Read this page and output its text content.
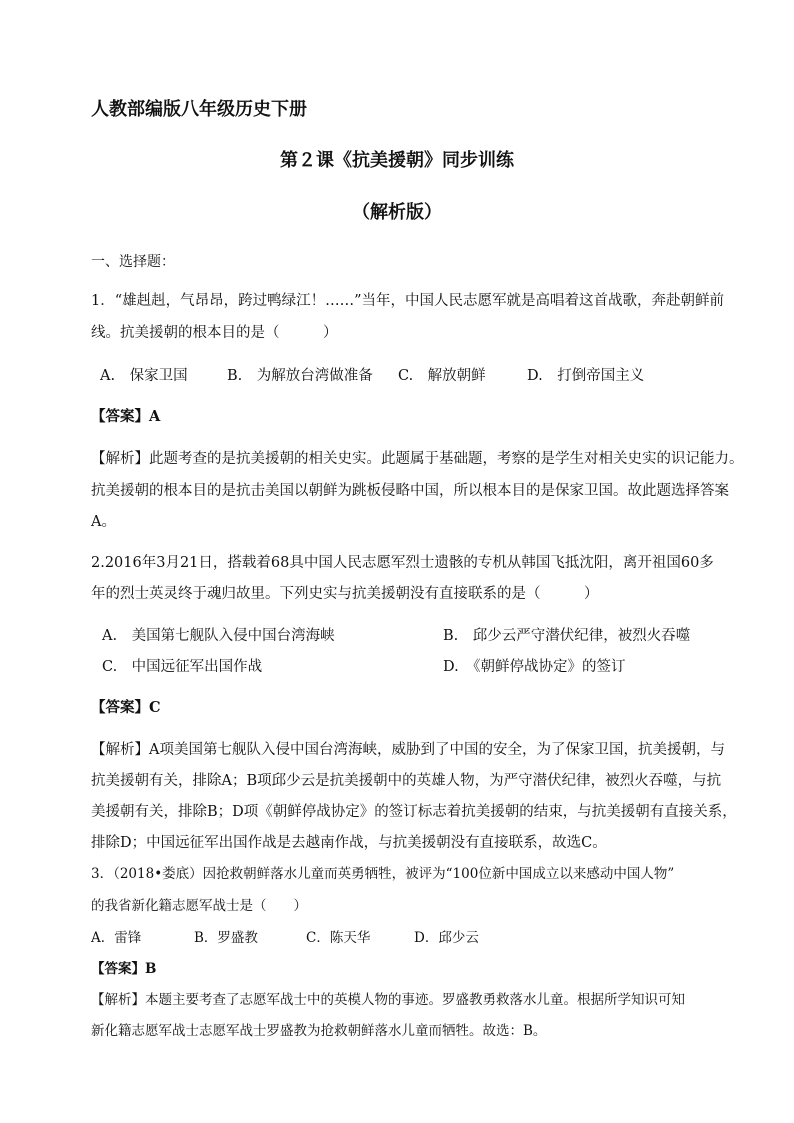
人教部编版八年级历史下册
第２课《抗美援朝》同步训练
（解析版）
一、选择题：
1．“雄赳赳，气昂昂，跨过鸭绿江！……”当年，中国人民志愿军就是高唱着这首战歌，奔赴朝鲜前
线。抗美援朝的根本目的是（　　　）
A.　保家卫国	B.　为解放台湾做准备 C.　解放朝鲜	D.　打倒帝国主义
【答案】A
【解析】此题考查的是抗美援朝的相关史实。此题属于基础题，考察的是学生对相关史实的识记能力。
抗美援朝的根本目的是抗击美国以朝鲜为跳板侵略中国，所以根本目的是保家卫国。故此题选择答案
A。
2.2016年3月21日，搭载着68具中国人民志愿军烈士遗骸的专机从韩国飞抵沈阳，离开祖国60多
年的烈士英灵终于魂归故里。下列史实与抗美援朝没有直接联系的是（　　　）
A.　美国第七舰队入侵中国台湾海峡	B.　邱少云严守潜伏纪律，被烈火吞噬
C.　中国远征军出国作战	D.　《朝鲜停战协定》的签订
【答案】C
【解析】A项美国第七舰队入侵中国台湾海峡，威胁到了中国的安全，为了保家卫国，抗美援朝，与
抗美援朝有关，排除A；B项邱少云是抗美援朝中的英雄人物，为严守潜伏纪律，被烈火吞噬，与抗
美援朝有关，排除B；D项《朝鲜停战协定》的签订标志着抗美援朝的结束，与抗美援朝有直接关系，
排除D；中国远征军出国作战是去越南作战，与抗美援朝没有直接联系，故选C。
3．（2018•娄底）因抢救朝鲜落水儿童而英勇牺牲，被评为“100位新中国成立以来感动中国人物”
的我省新化籍志愿军战士是（　　）
A．雷锋	B．罗盛教	C．陈天华	D．邱少云
【答案】B
【解析】本题主要考查了志愿军战士中的英模人物的事迹。罗盛教勇救落水儿童。根据所学知识可知
新化籍志愿军战士志愿军战士罗盛教为抢救朝鲜落水儿童而牺牲。故选：B。
